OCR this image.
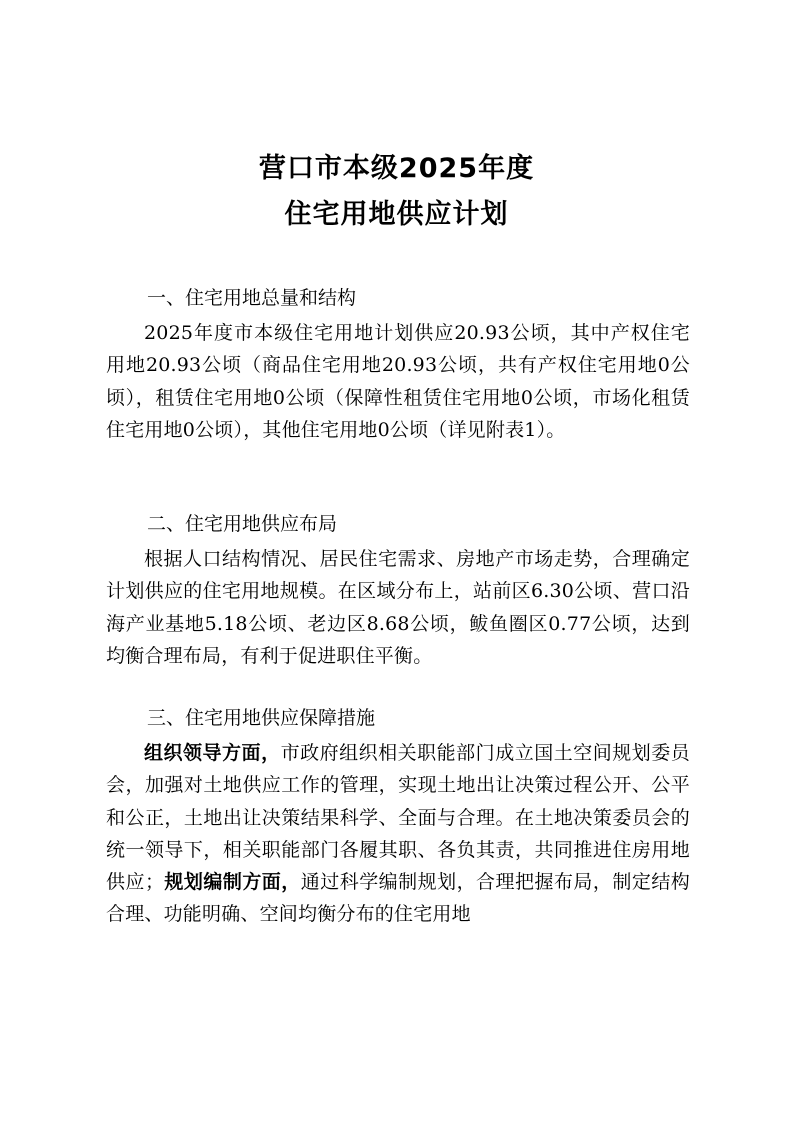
营口市本级2025年度
住宅用地供应计划
一、住宅用地总量和结构
2025年度市本级住宅用地计划供应20.93公顷，其中产权住宅用地20.93公顷（商品住宅用地20.93公顷，共有产权住宅用地0公顷），租赁住宅用地0公顷（保障性租赁住宅用地0公顷，市场化租赁住宅用地0公顷），其他住宅用地0公顷（详见附表1）。
二、住宅用地供应布局
根据人口结构情况、居民住宅需求、房地产市场走势，合理确定计划供应的住宅用地规模。在区域分布上，站前区6.30公顷、营口沿海产业基地5.18公顷、老边区8.68公顷，鲅鱼圈区0.77公顷，达到均衡合理布局，有利于促进职住平衡。
三、住宅用地供应保障措施
组织领导方面，市政府组织相关职能部门成立国土空间规划委员会，加强对土地供应工作的管理，实现土地出让决策过程公开、公平和公正，土地出让决策结果科学、全面与合理。在土地决策委员会的统一领导下，相关职能部门各履其职、各负其责，共同推进住房用地供应；规划编制方面，通过科学编制规划，合理把握布局，制定结构合理、功能明确、空间均衡分布的住宅用地
